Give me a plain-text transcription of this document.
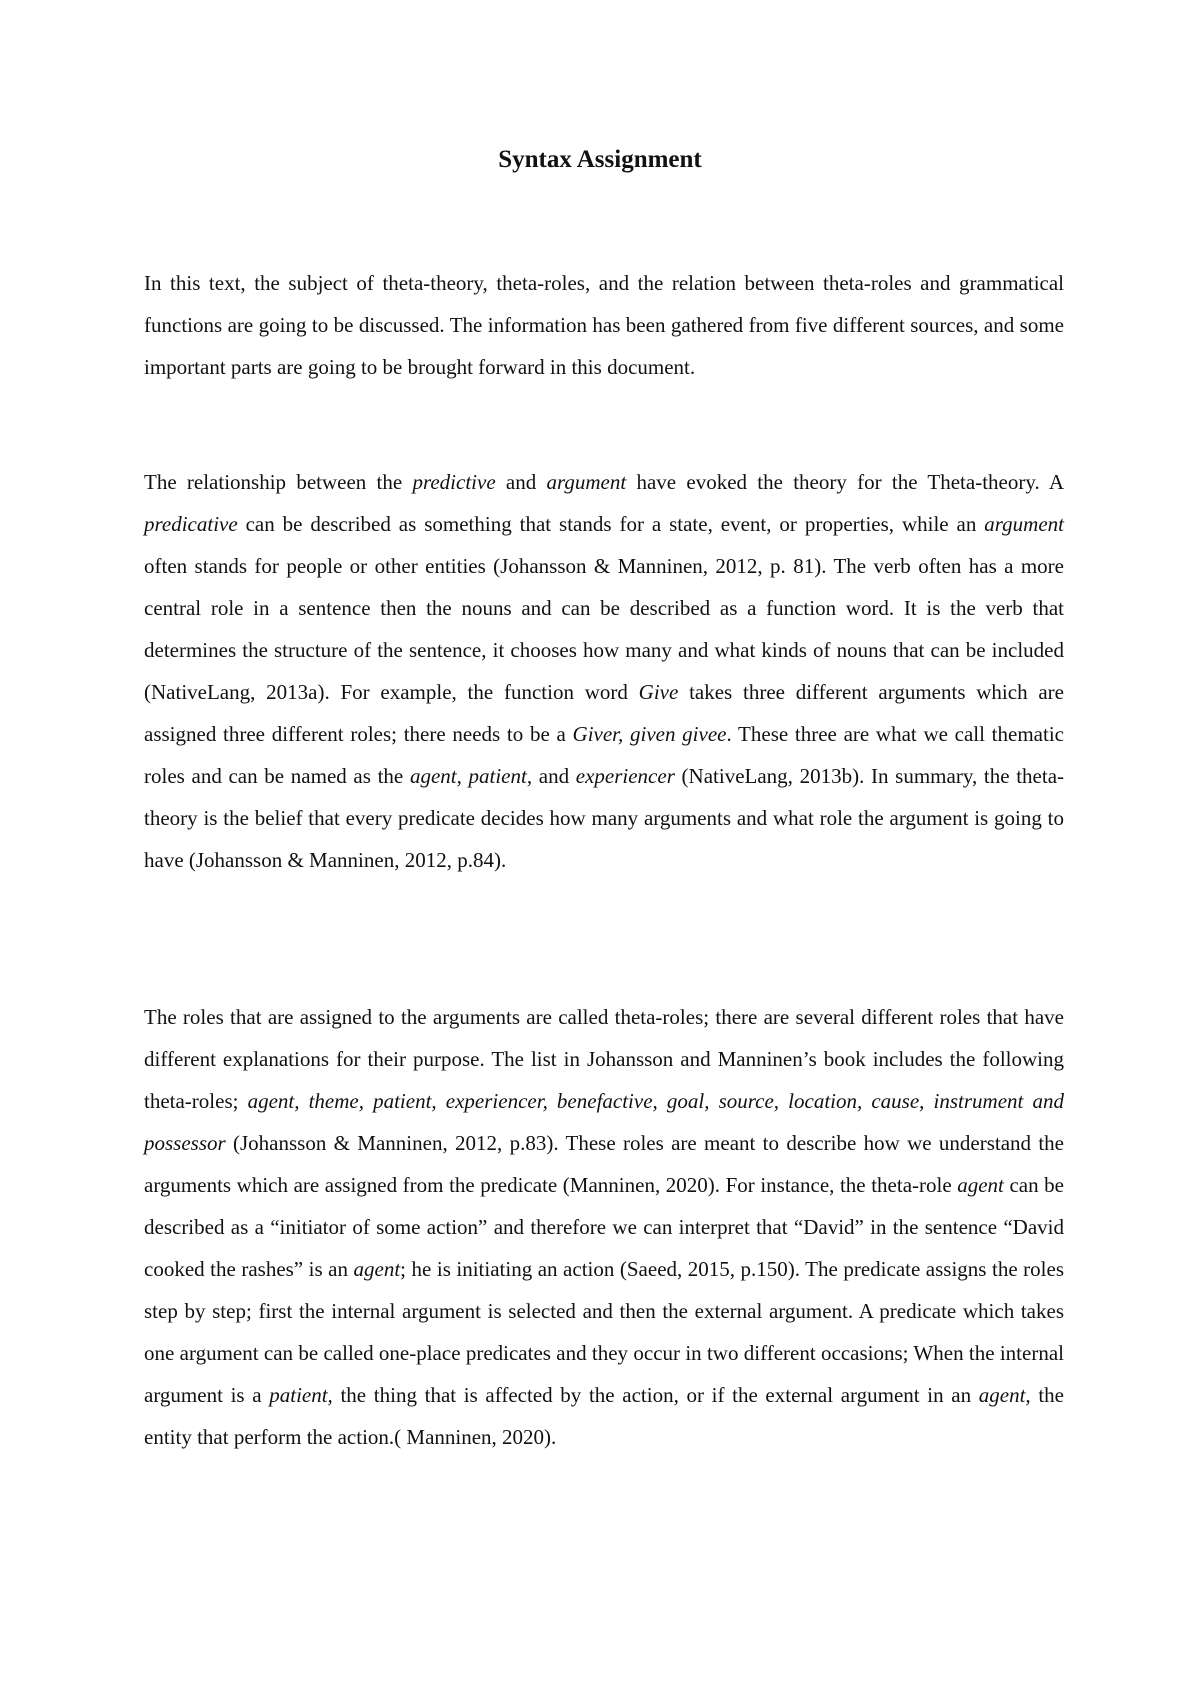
Syntax Assignment

In this text, the subject of theta-theory, theta-roles, and the relation between theta-roles and grammatical functions are going to be discussed. The information has been gathered from five different sources, and some important parts are going to be brought forward in this document.

The relationship between the predictive and argument have evoked the theory for the Theta-theory. A predicative can be described as something that stands for a state, event, or properties, while an argument often stands for people or other entities (Johansson & Manninen, 2012, p. 81). The verb often has a more central role in a sentence then the nouns and can be described as a function word. It is the verb that determines the structure of the sentence, it chooses how many and what kinds of nouns that can be included (NativeLang, 2013a). For example, the function word Give takes three different arguments which are assigned three different roles; there needs to be a Giver, given givee. These three are what we call thematic roles and can be named as the agent, patient, and experiencer (NativeLang, 2013b). In summary, the theta-theory is the belief that every predicate decides how many arguments and what role the argument is going to have (Johansson & Manninen, 2012, p.84).

The roles that are assigned to the arguments are called theta-roles; there are several different roles that have different explanations for their purpose. The list in Johansson and Manninen’s book includes the following theta-roles; agent, theme, patient, experiencer, benefactive, goal, source, location, cause, instrument and possessor (Johansson & Manninen, 2012, p.83). These roles are meant to describe how we understand the arguments which are assigned from the predicate (Manninen, 2020). For instance, the theta-role agent can be described as a “initiator of some action” and therefore we can interpret that “David” in the sentence “David cooked the rashes” is an agent; he is initiating an action (Saeed, 2015, p.150). The predicate assigns the roles step by step; first the internal argument is selected and then the external argument. A predicate which takes one argument can be called one-place predicates and they occur in two different occasions; When the internal argument is a patient, the thing that is affected by the action, or if the external argument in an agent, the entity that perform the action.( Manninen, 2020).
